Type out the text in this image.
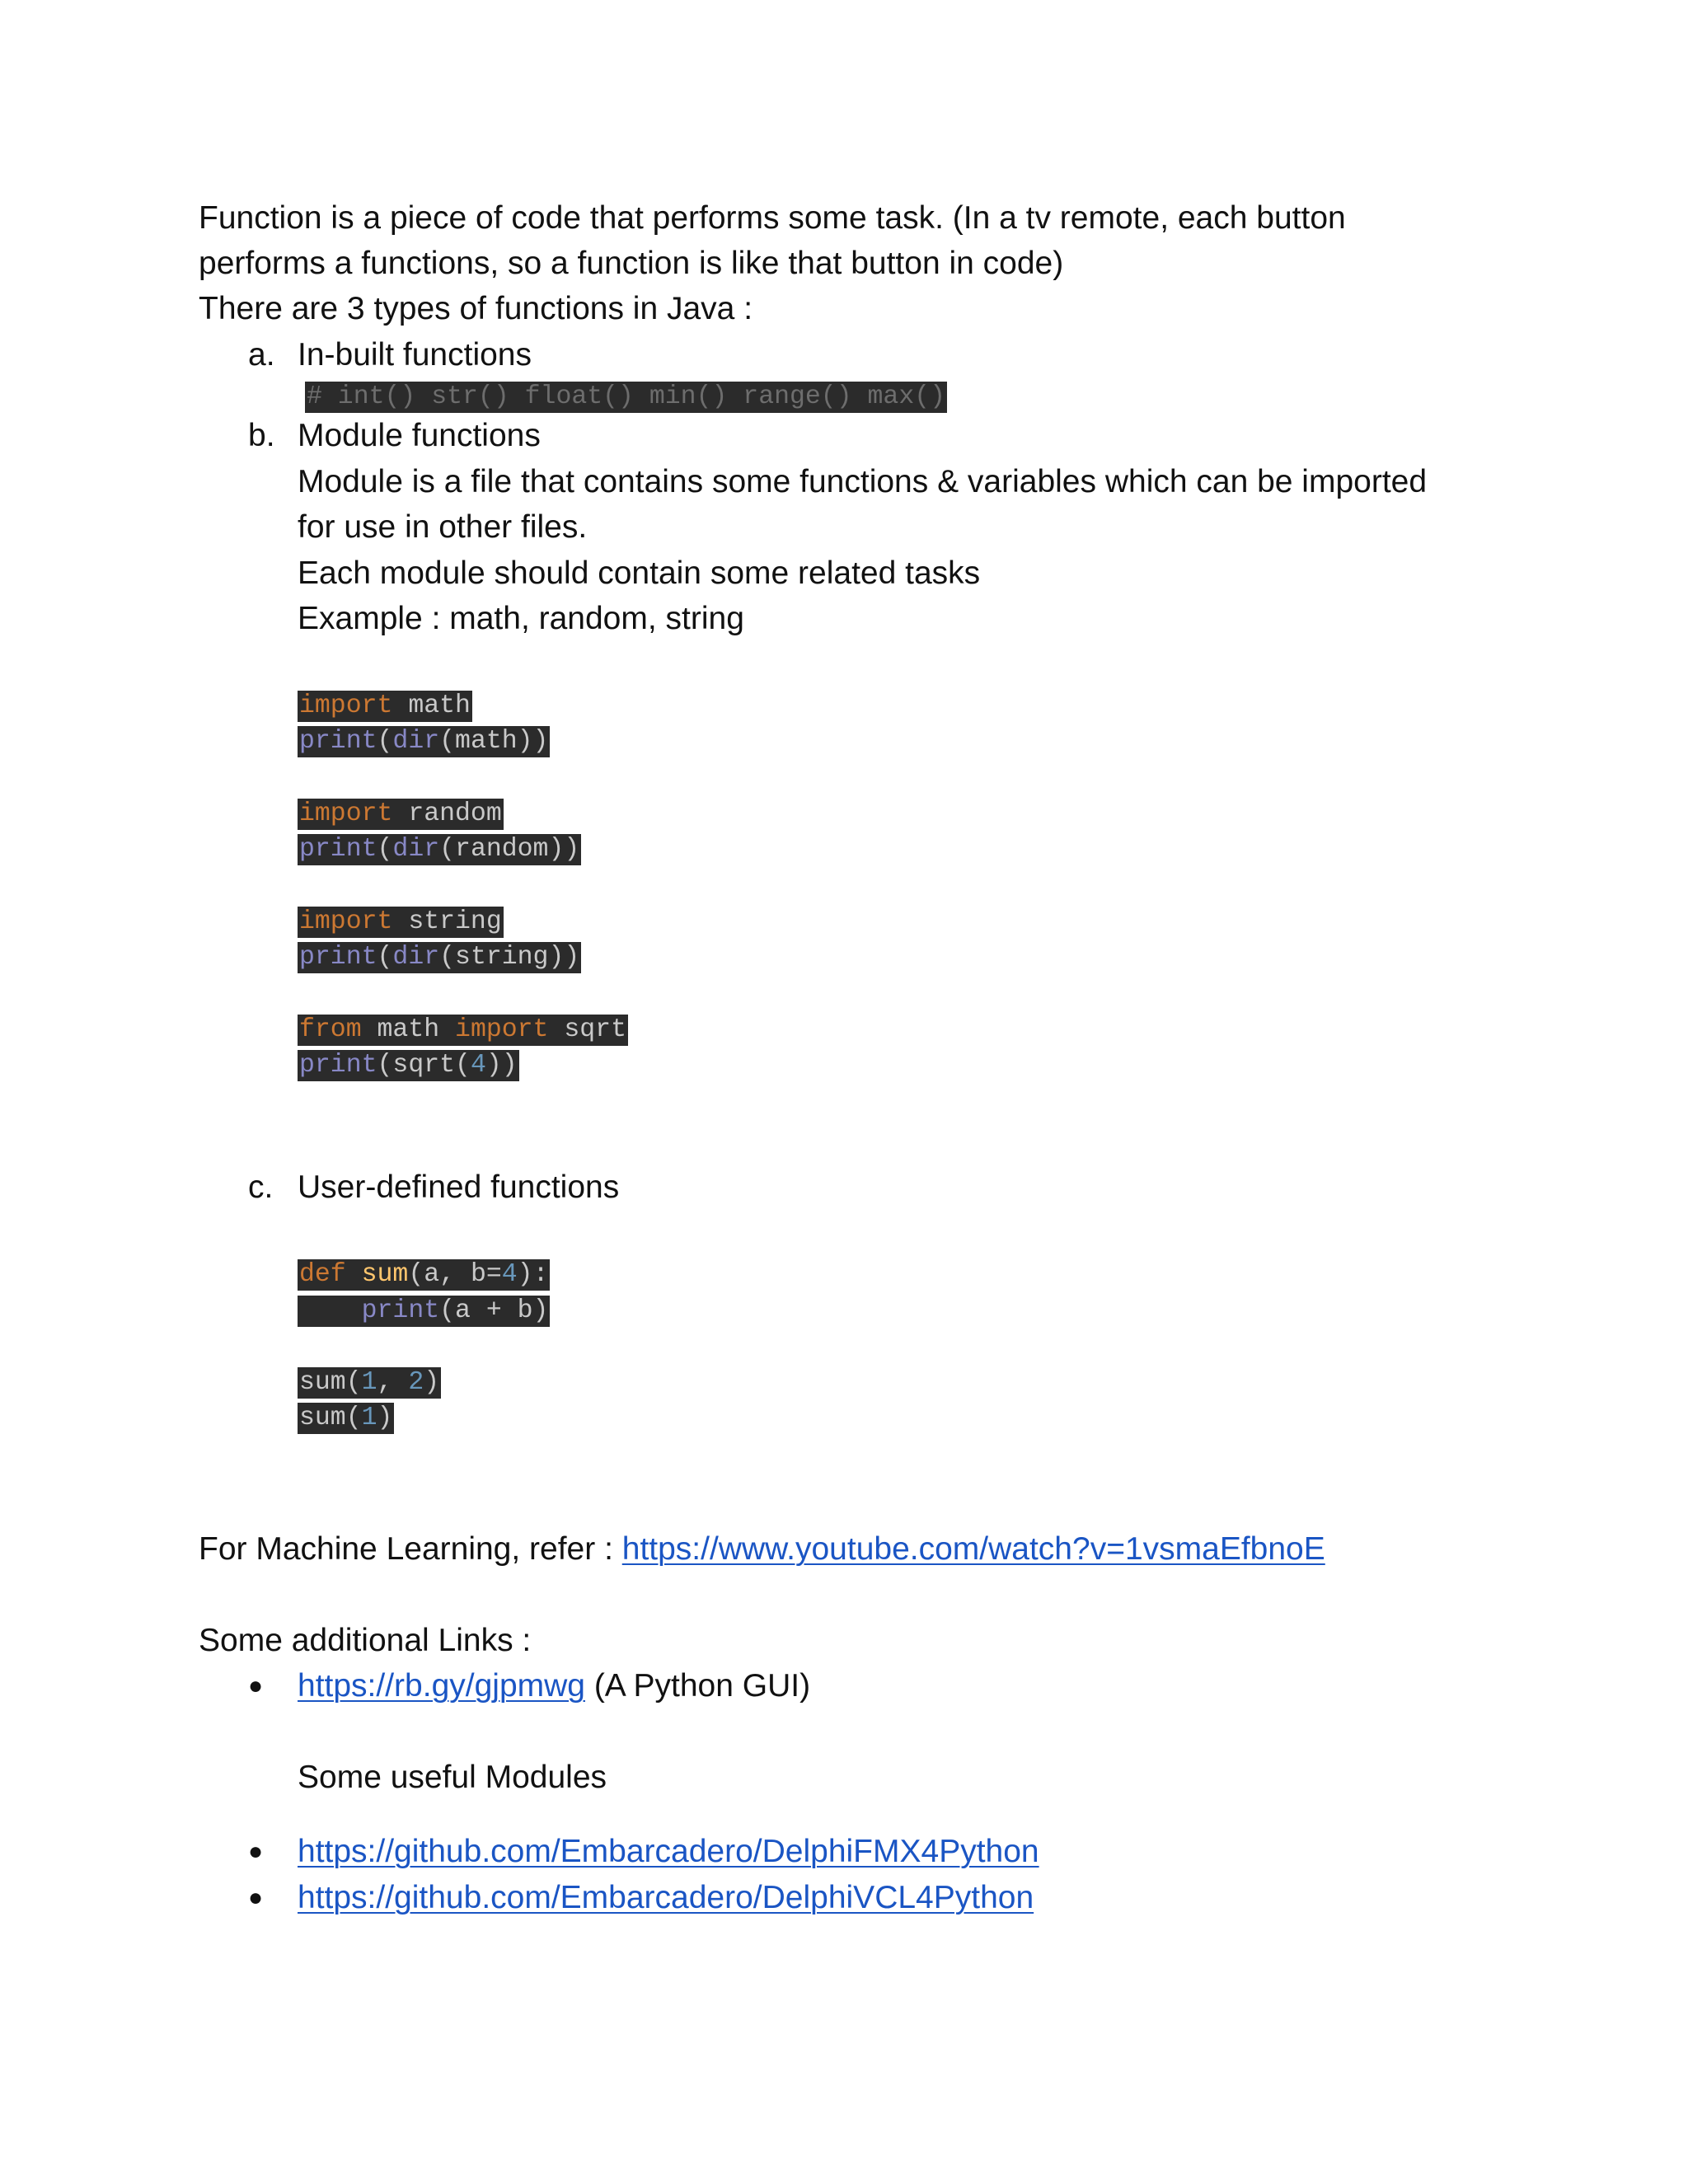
Function is a piece of code that performs some task. (In a tv remote, each button
performs a functions, so a function is like that button in code)
There are 3 types of functions in Java :
a. In-built functions
# int() str() float() min() range() max()
b. Module functions
Module is a file that contains some functions & variables which can be imported
for use in other files.
Each module should contain some related tasks
Example : math, random, string
import math
print(dir(math))
import random
print(dir(random))
import string
print(dir(string))
from math import sqrt
print(sqrt(4))
c. User-defined functions
def sum(a, b=4):
print(a + b)
sum(1, 2)
sum(1)
For Machine Learning, refer : https://www.youtube.com/watch?v=1vsmaEfbnoE
Some additional Links :
● https://rb.gy/gjpmwg (A Python GUI)
Some useful Modules
● https://github.com/Embarcadero/DelphiFMX4Python
● https://github.com/Embarcadero/DelphiVCL4Python
